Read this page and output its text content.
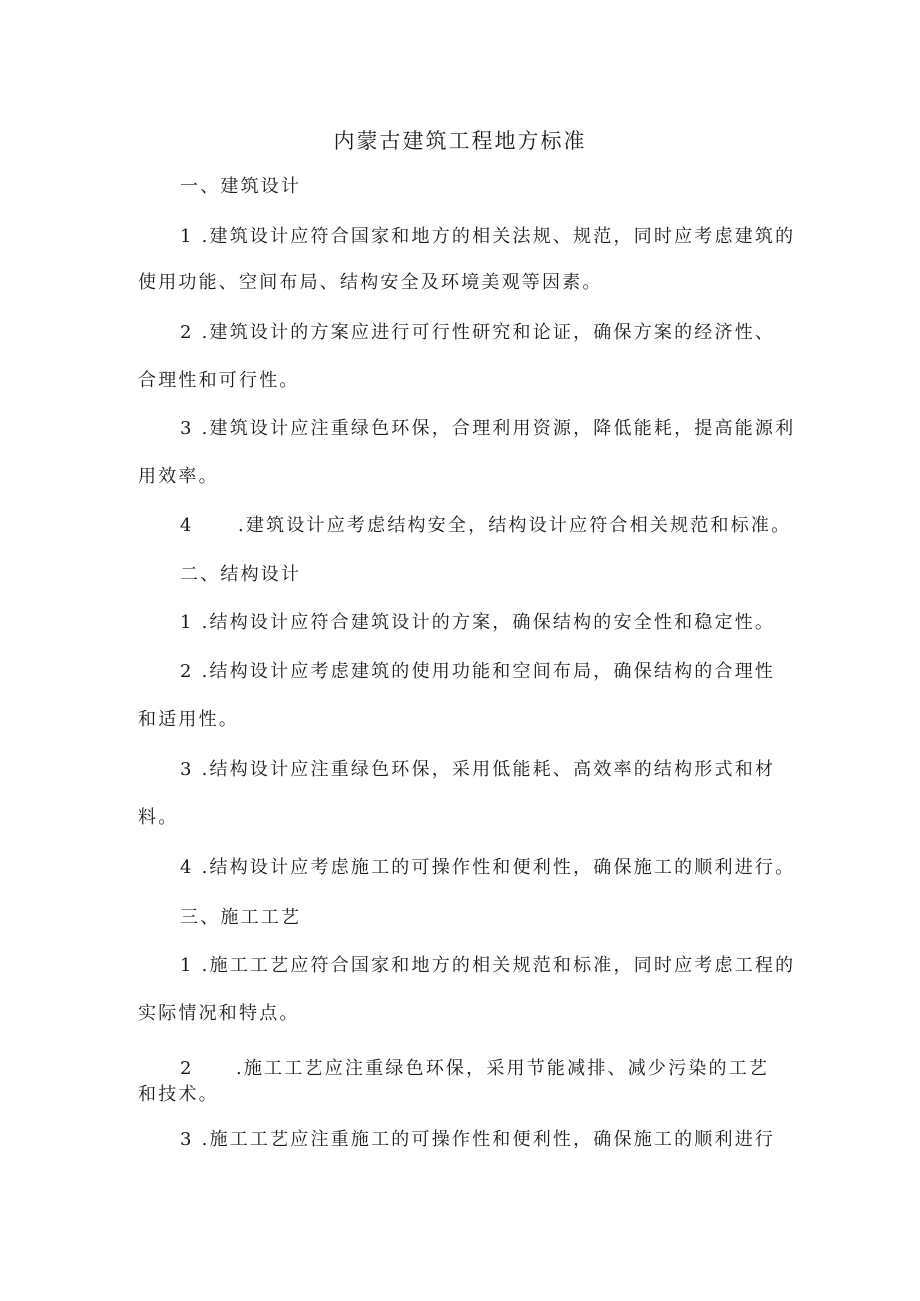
内蒙古建筑工程地方标准
一、建筑设计
1 .建筑设计应符合国家和地方的相关法规、规范，同时应考虑建筑的
使用功能、空间布局、结构安全及环境美观等因素。
2 .建筑设计的方案应进行可行性研究和论证，确保方案的经济性、
合理性和可行性。
3 .建筑设计应注重绿色环保，合理利用资源，降低能耗，提高能源利
用效率。
4 .建筑设计应考虑结构安全，结构设计应符合相关规范和标准。
二、结构设计
1 .结构设计应符合建筑设计的方案，确保结构的安全性和稳定性。
2 .结构设计应考虑建筑的使用功能和空间布局，确保结构的合理性
和适用性。
3 .结构设计应注重绿色环保，采用低能耗、高效率的结构形式和材
料。
4 .结构设计应考虑施工的可操作性和便利性，确保施工的顺利进行。
三、施工工艺
1 .施工工艺应符合国家和地方的相关规范和标准，同时应考虑工程的
实际情况和特点。
2 .施工工艺应注重绿色环保，采用节能减排、减少污染的工艺
和技术。
3 .施工工艺应注重施工的可操作性和便利性，确保施工的顺利进行
